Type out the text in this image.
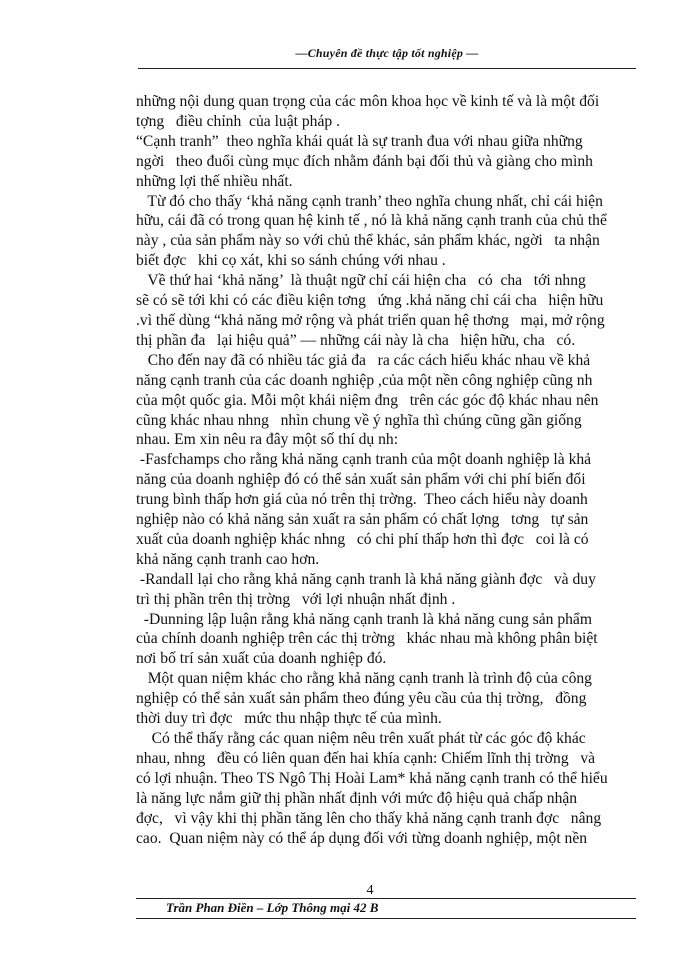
—Chuyên đề thực tập tốt nghiệp —
những nội dung quan trọng của các môn khoa học về kinh tế và là một đối
tợng   điều chỉnh  của luật pháp .
“Cạnh tranh”  theo nghĩa khái quát là sự tranh đua với nhau giữa những
ngời   theo đuổi cùng mục đích nhằm đánh bại đối thủ và giàng cho mình
những lợi thế nhiều nhất.
Từ đó cho thấy ‘khả năng cạnh tranh’ theo nghĩa chung nhất, chỉ cái hiện
hữu, cái đã có trong quan hệ kinh tế , nó là khả năng cạnh tranh của chủ thể
này , của sản phẩm này so với chủ thể khác, sản phẩm khác, ngời   ta nhận
biết đợc   khi cọ xát, khi so sánh chúng với nhau .
Về thứ hai ‘khả năng’  là thuật ngữ chỉ cái hiện cha   có  cha   tới nhng
sẽ có sẽ tới khi có các điều kiện tơng   ứng .khả năng chỉ cái cha   hiện hữu
.vì thế dùng “khả năng mở rộng và phát triển quan hệ thơng   mại, mở rộng
thị phần đa   lại hiệu quả” — những cái này là cha   hiện hữu, cha   có.
Cho đến nay đã có nhiều tác giả đa   ra các cách hiểu khác nhau về khả
năng cạnh tranh của các doanh nghiệp ,của một nền công nghiệp cũng nh
của một quốc gia. Mỗi một khái niệm đng   trên các góc độ khác nhau nên
cũng khác nhau nhng   nhìn chung về ý nghĩa thì chúng cũng gần giống
nhau. Em xin nêu ra đây một số thí dụ nh:
-Fasfchamps cho rằng khả năng cạnh tranh của một doanh nghiệp là khả
năng của doanh nghiệp đó có thể sản xuất sản phẩm với chi phí biến đổi
trung bình thấp hơn giá của nó trên thị trờng.  Theo cách hiểu này doanh
nghiệp nào có khả năng sản xuất ra sản phẩm có chất lợng   tơng   tự sản
xuất của doanh nghiệp khác nhng   có chi phí thấp hơn thì đợc   coi là có
khả năng cạnh tranh cao hơn.
-Randall lại cho rằng khả năng cạnh tranh là khả năng giành đợc   và duy
trì thị phần trên thị trờng   với lợi nhuận nhất định .
-Dunning lập luận rằng khả năng cạnh tranh là khả năng cung sản phẩm
của chính doanh nghiệp trên các thị trờng   khác nhau mà không phân biệt
nơi bố trí sản xuất của doanh nghiệp đó.
Một quan niệm khác cho rằng khả năng cạnh tranh là trình độ của công
nghiệp có thể sản xuất sản phẩm theo đúng yêu cầu của thị trờng,   đồng
thời duy trì đợc   mức thu nhập thực tế của mình.
Có thể thấy rằng các quan niệm nêu trên xuất phát từ các góc độ khác
nhau, nhng   đều có liên quan đến hai khía cạnh: Chiếm lĩnh thị trờng   và
có lợi nhuận. Theo TS Ngô Thị Hoài Lam* khả năng cạnh tranh có thể hiểu
là năng lực nắm giữ thị phần nhất định với mức độ hiệu quả chấp nhận
đợc,   vì vậy khi thị phần tăng lên cho thấy khả năng cạnh tranh đợc   nâng
cao.  Quan niệm này có thể áp dụng đối với từng doanh nghiệp, một nền
4
Trần Phan Điền – Lớp Thông mại 42 B
